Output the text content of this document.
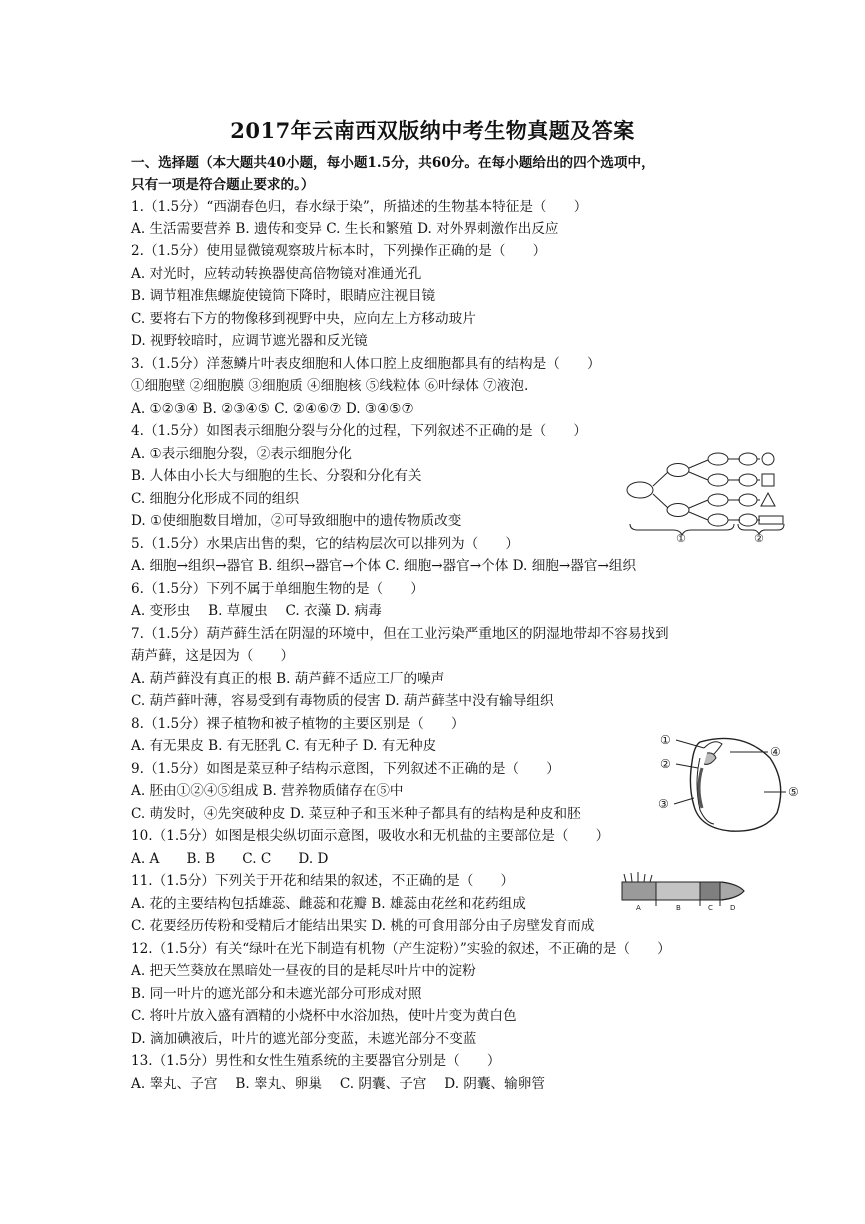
2017年云南西双版纳中考生物真题及答案
一、选择题（本大题共40小题，每小题1.5分，共60分。在每小题给出的四个选项中，
只有一项是符合题止要求的。）
1.（1.5分）“西湖春色归，春水绿于染”，所描述的生物基本特征是（　　）
A. 生活需要营养 B. 遗传和变异 C. 生长和繁殖 D. 对外界刺激作出反应
2.（1.5分）使用显微镜观察玻片标本时，下列操作正确的是（　　）
A. 对光时，应转动转换器使高倍物镜对准通光孔
B. 调节粗准焦螺旋使镜筒下降时，眼睛应注视目镜
C. 要将右下方的物像移到视野中央，应向左上方移动玻片
D. 视野较暗时，应调节遮光器和反光镜
3.（1.5分）洋葱鳞片叶表皮细胞和人体口腔上皮细胞都具有的结构是（　　）
①细胞壁 ②细胞膜 ③细胞质 ④细胞核 ⑤线粒体 ⑥叶绿体 ⑦液泡.
A. ①②③④ B. ②③④⑤ C. ②④⑥⑦ D. ③④⑤⑦
4.（1.5分）如图表示细胞分裂与分化的过程，下列叙述不正确的是（　　）
A. ①表示细胞分裂，②表示细胞分化
B. 人体由小长大与细胞的生长、分裂和分化有关
C. 细胞分化形成不同的组织
D. ①使细胞数目增加，②可导致细胞中的遗传物质改变
5.（1.5分）水果店出售的梨，它的结构层次可以排列为（　　）
A. 细胞→组织→器官 B. 组织→器官→个体 C. 细胞→器官→个体 D. 细胞→器官→组织
6.（1.5分）下列不属于单细胞生物的是（　　）
A. 变形虫　 B. 草履虫　 C. 衣藻 D. 病毒
7.（1.5分）葫芦藓生活在阴湿的环境中，但在工业污染严重地区的阴湿地带却不容易找到
葫芦藓，这是因为（　　）
A. 葫芦藓没有真正的根 B. 葫芦藓不适应工厂的噪声
C. 葫芦藓叶薄，容易受到有毒物质的侵害 D. 葫芦藓茎中没有输导组织
8.（1.5分）裸子植物和被子植物的主要区别是（　　）
A. 有无果皮 B. 有无胚乳 C. 有无种子 D. 有无种皮
9.（1.5分）如图是菜豆种子结构示意图，下列叙述不正确的是（　　）
A. 胚由①②④⑤组成 B. 营养物质储存在⑤中
C. 萌发时，④先突破种皮 D. 菜豆种子和玉米种子都具有的结构是种皮和胚
10.（1.5分）如图是根尖纵切面示意图，吸收水和无机盐的主要部位是（　　）
A. A　　B. B　　C. C　　D. D
11.（1.5分）下列关于开花和结果的叙述，不正确的是（　　）
A. 花的主要结构包括雄蕊、雌蕊和花瓣 B. 雄蕊由花丝和花药组成
C. 花要经历传粉和受精后才能结出果实 D. 桃的可食用部分由子房壁发育而成
12.（1.5分）有关“绿叶在光下制造有机物（产生淀粉）”实验的叙述，不正确的是（　　）
A. 把天竺葵放在黑暗处一昼夜的目的是耗尽叶片中的淀粉
B. 同一叶片的遮光部分和未遮光部分可形成对照
C. 将叶片放入盛有酒精的小烧杯中水浴加热，使叶片变为黄白色
D. 滴加碘液后，叶片的遮光部分变蓝，未遮光部分不变蓝
13.（1.5分）男性和女性生殖系统的主要器官分别是（　　）
A. 睾丸、子宫　 B. 睾丸、卵巢　 C. 阴囊、子宫　 D. 阴囊、输卵管
①	②
①
②
③
④
⑤
A	B	C D
